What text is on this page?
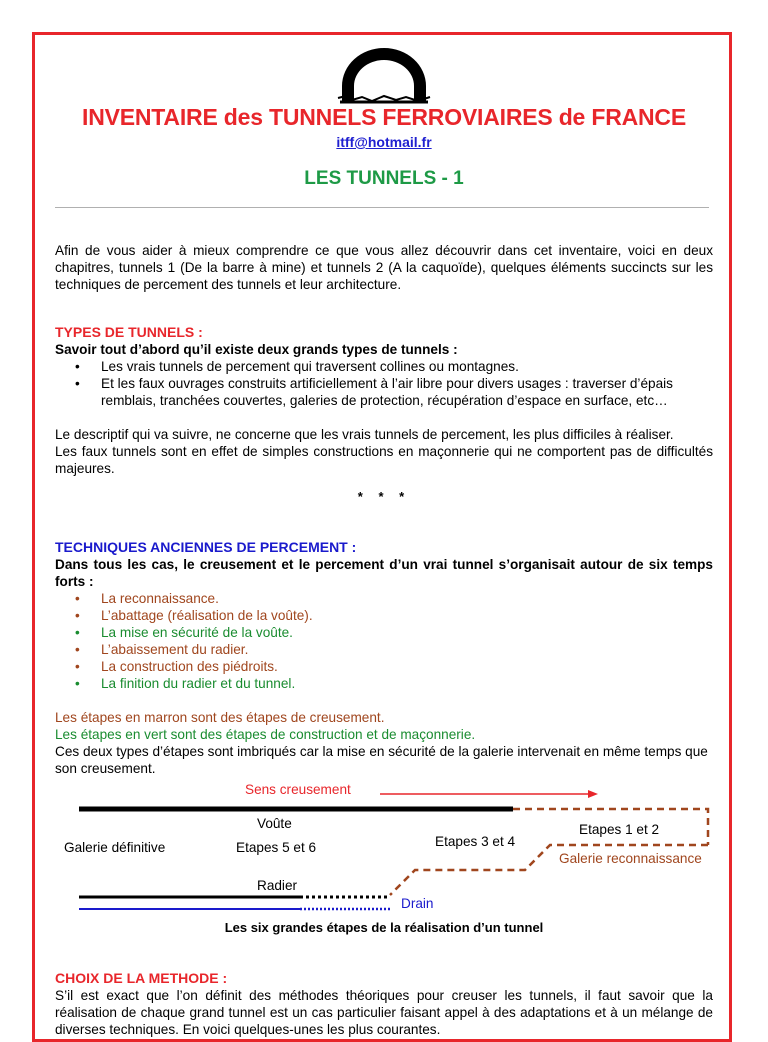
INVENTAIRE des TUNNELS FERROVIAIRES de FRANCE
itff@hotmail.fr
LES TUNNELS - 1
Afin de vous aider à mieux comprendre ce que vous allez découvrir dans cet inventaire, voici en deux chapitres, tunnels 1 (De la barre à mine) et tunnels 2 (A la caquoïde), quelques éléments succincts sur les techniques de percement des tunnels et leur architecture.
TYPES DE TUNNELS :
Savoir tout d’abord qu’il existe deux grands types de tunnels :
• Les vrais tunnels de percement qui traversent collines ou montagnes.
• Et les faux ouvrages construits artificiellement à l’air libre pour divers usages : traverser d’épais remblais, tranchées couvertes, galeries de protection, récupération d’espace en surface, etc…
Le descriptif qui va suivre, ne concerne que les vrais tunnels de percement, les plus difficiles à réaliser.
Les faux tunnels sont en effet de simples constructions en maçonnerie qui ne comportent pas de difficultés majeures.
* * *
TECHNIQUES ANCIENNES DE PERCEMENT :
Dans tous les cas, le creusement et le percement d’un vrai tunnel s’organisait autour de six temps forts :
• La reconnaissance.
• L’abattage (réalisation de la voûte).
• La mise en sécurité de la voûte.
• L’abaissement du radier.
• La construction des piédroits.
• La finition du radier et du tunnel.
Les étapes en marron sont des étapes de creusement.
Les étapes en vert sont des étapes de construction et de maçonnerie.
Ces deux types d’étapes sont imbriqués car la mise en sécurité de la galerie intervenait en même temps que son creusement.
Sens creusement
Voûte
Galerie définitive	Etapes 5 et 6	Etapes 3 et 4
Etapes 1 et 2
Galerie reconnaissance
Radier
Drain
Les six grandes étapes de la réalisation d’un tunnel
CHOIX DE LA METHODE :
S’il est exact que l’on définit des méthodes théoriques pour creuser les tunnels, il faut savoir que la réalisation de chaque grand tunnel est un cas particulier faisant appel à des adaptations et à un mélange de diverses techniques. En voici quelques-unes les plus courantes.
